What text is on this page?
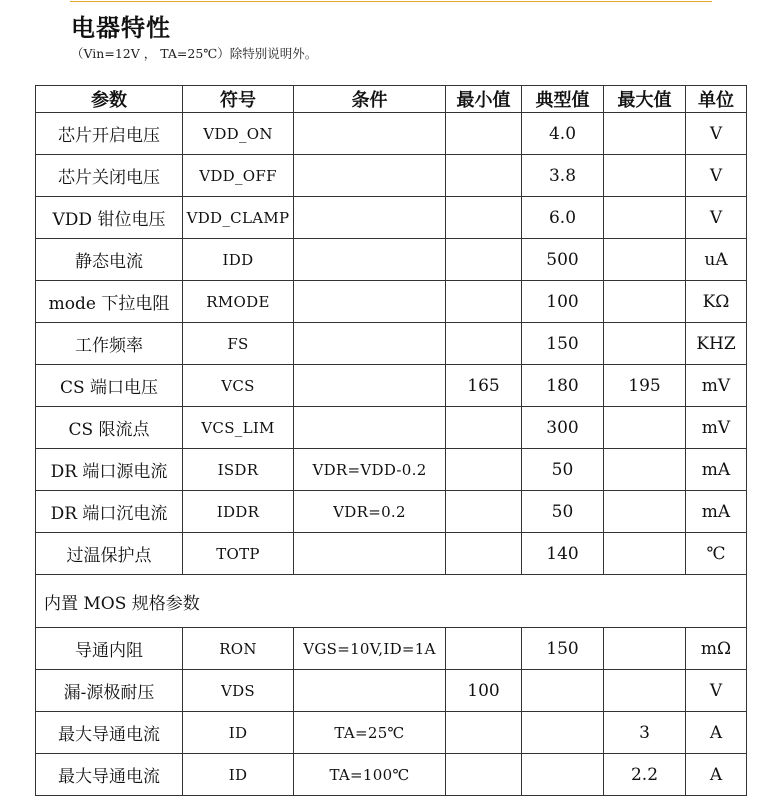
电器特性
（Vin=12V ， TA=25℃）除特别说明外。
参数	符号	条件	最小值	典型值	最大值	单位
芯片开启电压	VDD_ON			4.0		V
芯片关闭电压	VDD_OFF			3.8		V
VDD 钳位电压	VDD_CLAMP			6.0		V
静态电流	IDD			500		uA
mode 下拉电阻	RMODE			100		KΩ
工作频率	FS			150		KHZ
CS 端口电压	VCS		165	180	195	mV
CS 限流点	VCS_LIM			300		mV
DR 端口源电流	ISDR	VDR=VDD-0.2		50		mA
DR 端口沉电流	IDDR	VDR=0.2		50		mA
过温保护点	TOTP			140		℃
内置 MOS 规格参数						
导通内阻	RON	VGS=10V,ID=1A		150		mΩ
漏-源极耐压	VDS		100			V
最大导通电流	ID	TA=25℃			3	A
最大导通电流	ID	TA=100℃			2.2	A
